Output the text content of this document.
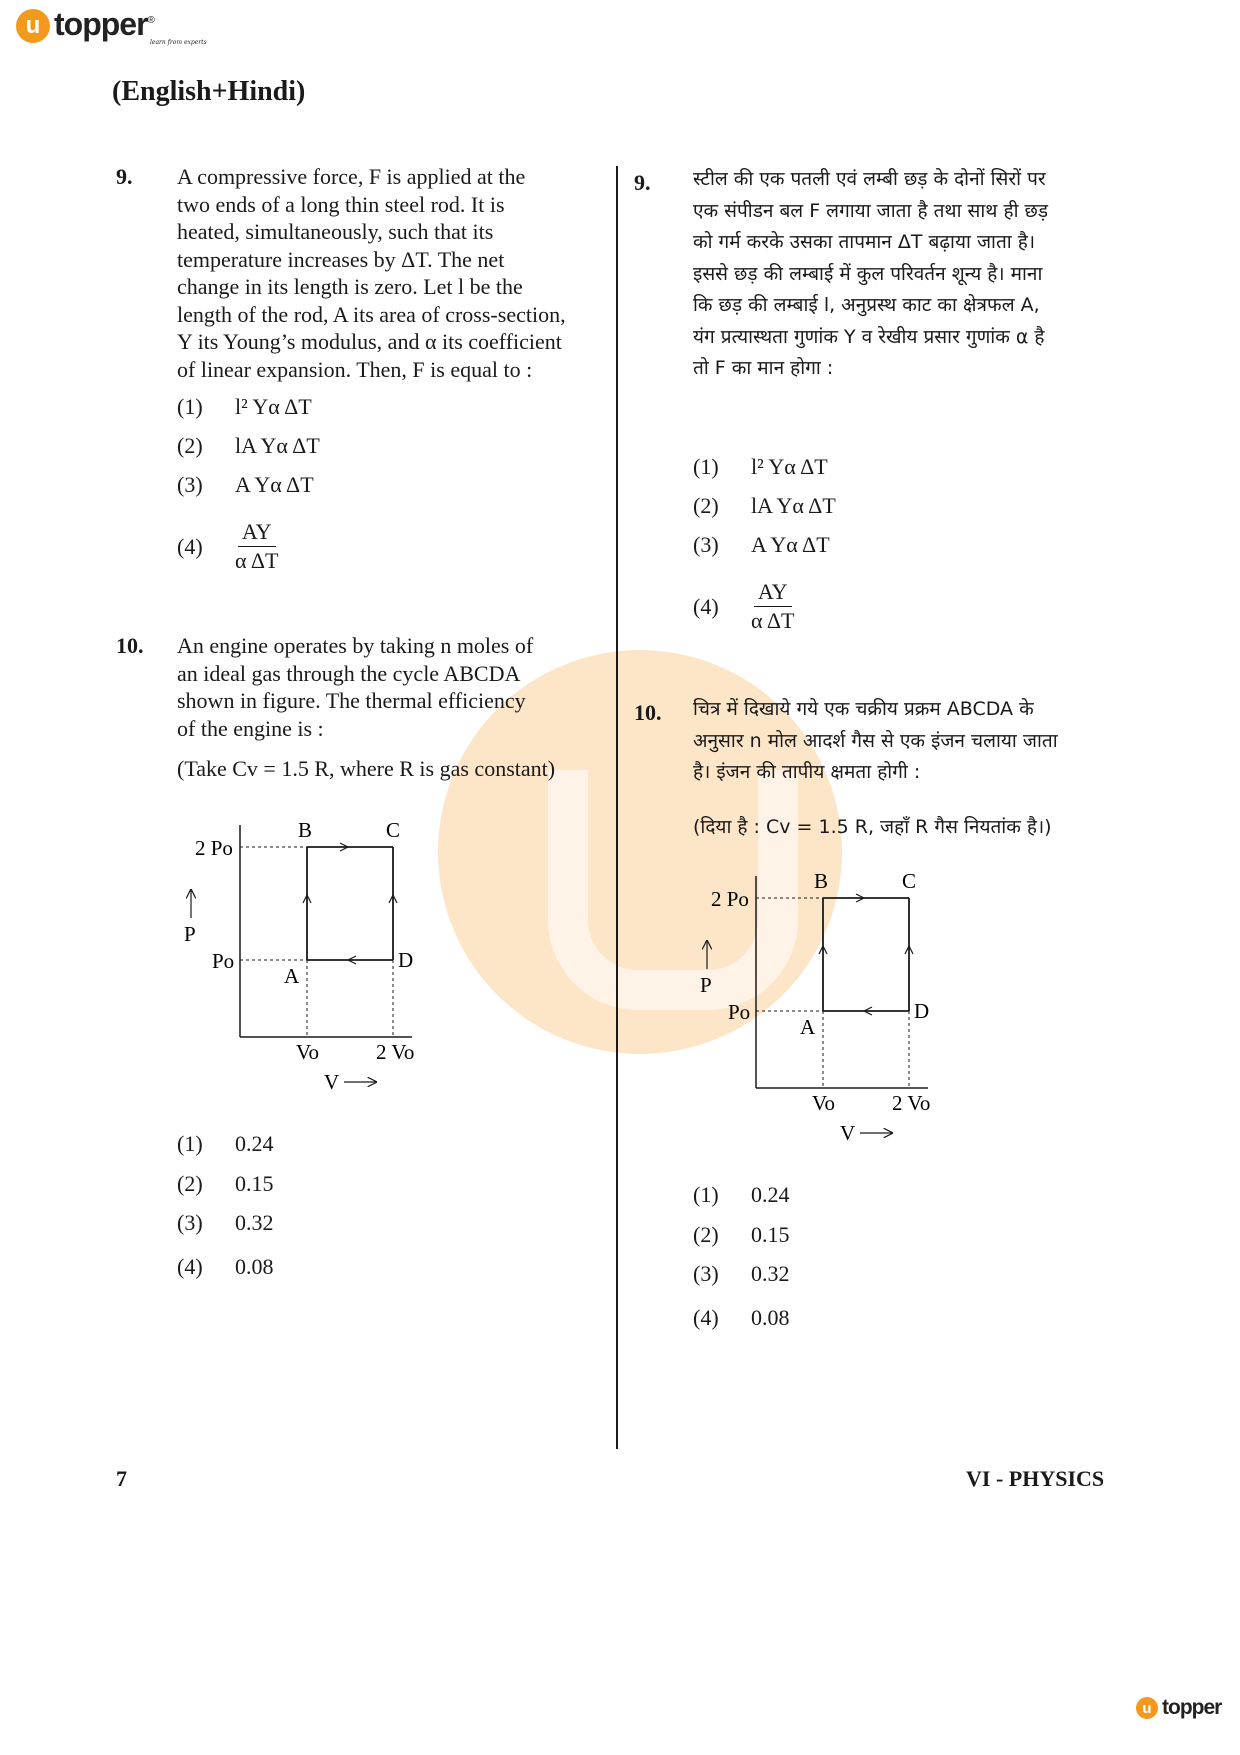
u topper®
learn from experts
(English+Hindi)
9. A compressive force, F is applied at the
two ends of a long thin steel rod. It is
heated, simultaneously, such that its
temperature increases by ΔT. The net
change in its length is zero. Let l be the
length of the rod, A its area of cross-section,
Y its Young’s modulus, and α its coefficient
of linear expansion. Then, F is equal to :
(1)	l² Yα ΔT
(2)	lA Yα ΔT
(3)	A Yα ΔT
(4)	$\frac{AY}{\text{α ΔT}}$
10. An engine operates by taking n moles of
an ideal gas through the cycle ABCDA
shown in figure. The thermal efficiency
of the engine is :
(Take Cv = 1.5 R, where R is gas constant)
2 Po
Po
B	C
A
D
Vo	2 Vo
P
V
(1)	0.24
(2)	0.15
(3)	0.32
(4)	0.08
9. स्टील की एक पतली एवं लम्बी छड़ के दोनों सिरों पर
एक संपीडन बल F लगाया जाता है तथा साथ ही छड़
को गर्म करके उसका तापमान ΔT बढ़ाया जाता है।
इससे छड़ की लम्बाई में कुल परिवर्तन शून्य है। माना
कि छड़ की लम्बाई l, अनुप्रस्थ काट का क्षेत्रफल A,
यंग प्रत्यास्थता गुणांक Y व रेखीय प्रसार गुणांक α है
तो F का मान होगा :
(1)	l² Yα ΔT
(2)	lA Yα ΔT
(3)	A Yα ΔT
(4)	$\frac{AY}{\text{α ΔT}}$
10. चित्र में दिखाये गये एक चक्रीय प्रक्रम ABCDA के
अनुसार n मोल आदर्श गैस से एक इंजन चलाया जाता
है। इंजन की तापीय क्षमता होगी :
(दिया है : Cv = 1.5 R, जहाँ R गैस नियतांक है।)
2 Po
Po
B	C
A
D
Vo	2 Vo
P
V
(1)	0.24
(2)	0.15
(3)	0.32
(4)	0.08
7	VI - PHYSICS
u topper
